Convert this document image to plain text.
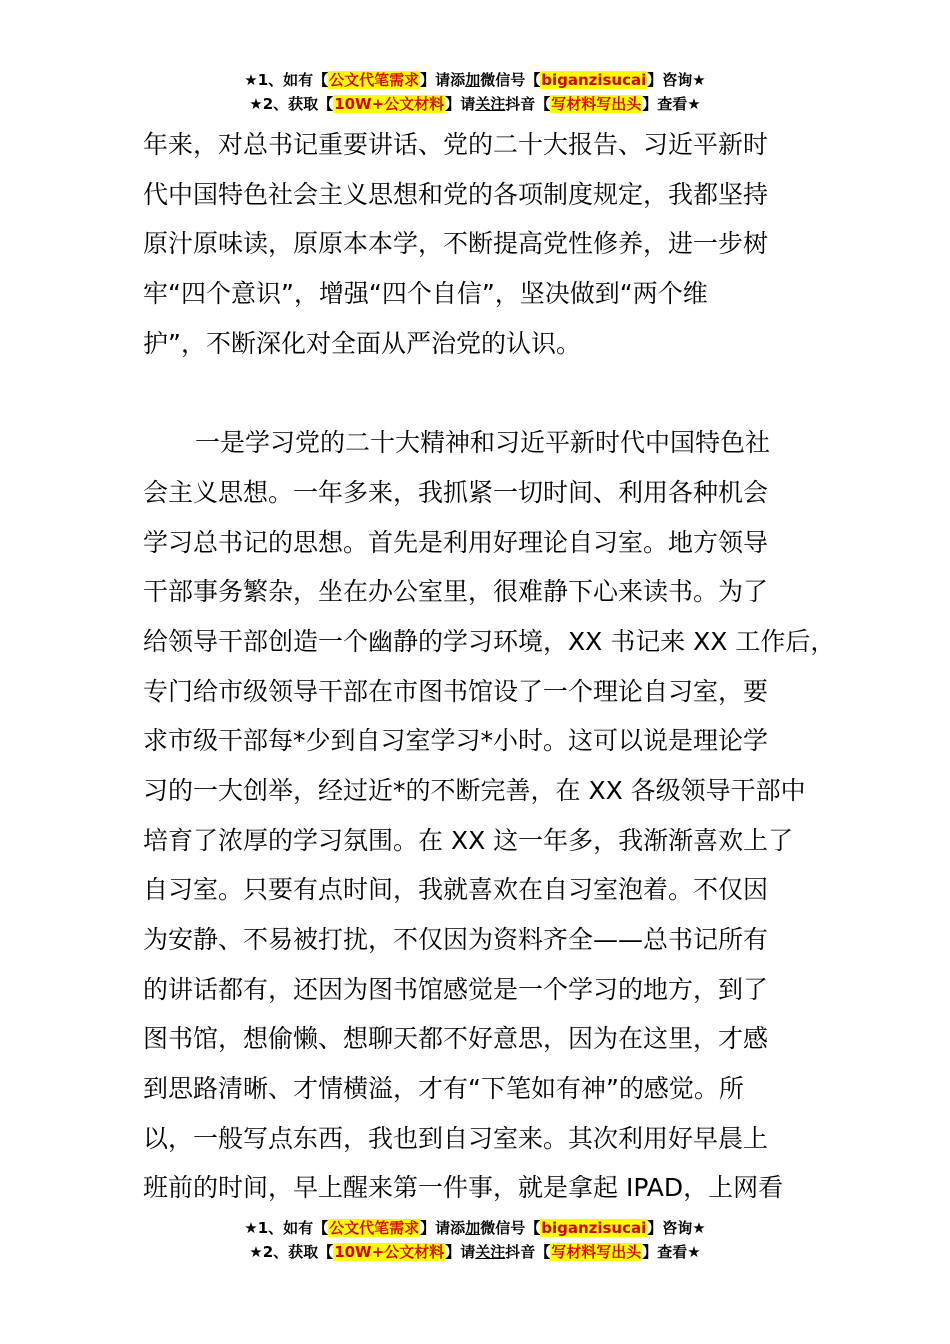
★1、如有【公文代笔需求】请添加微信号【biganzisucai】咨询★
★2、获取【10W+公文材料】请关注抖音【写材料写出头】查看★
年来，对总书记重要讲话、党的二十大报告、习近平新时
代中国特色社会主义思想和党的各项制度规定，我都坚持
原汁原味读，原原本本学，不断提高党性修养，进一步树
牢“四个意识”，增强“四个自信”，坚决做到“两个维
护”，不断深化对全面从严治党的认识。
一是学习党的二十大精神和习近平新时代中国特色社
会主义思想。一年多来，我抓紧一切时间、利用各种机会
学习总书记的思想。首先是利用好理论自习室。地方领导
干部事务繁杂，坐在办公室里，很难静下心来读书。为了
给领导干部创造一个幽静的学习环境，XX 书记来 XX 工作后，
专门给市级领导干部在市图书馆设了一个理论自习室，要
求市级干部每*少到自习室学习*小时。这可以说是理论学
习的一大创举，经过近*的不断完善，在 XX 各级领导干部中
培育了浓厚的学习氛围。在 XX 这一年多，我渐渐喜欢上了
自习室。只要有点时间，我就喜欢在自习室泡着。不仅因
为安静、不易被打扰，不仅因为资料齐全——总书记所有
的讲话都有，还因为图书馆感觉是一个学习的地方，到了
图书馆，想偷懒、想聊天都不好意思，因为在这里，才感
到思路清晰、才情横溢，才有“下笔如有神”的感觉。所
以，一般写点东西，我也到自习室来。其次利用好早晨上
班前的时间，早上醒来第一件事，就是拿起 IPAD，上网看
★1、如有【公文代笔需求】请添加微信号【biganzisucai】咨询★
★2、获取【10W+公文材料】请关注抖音【写材料写出头】查看★
